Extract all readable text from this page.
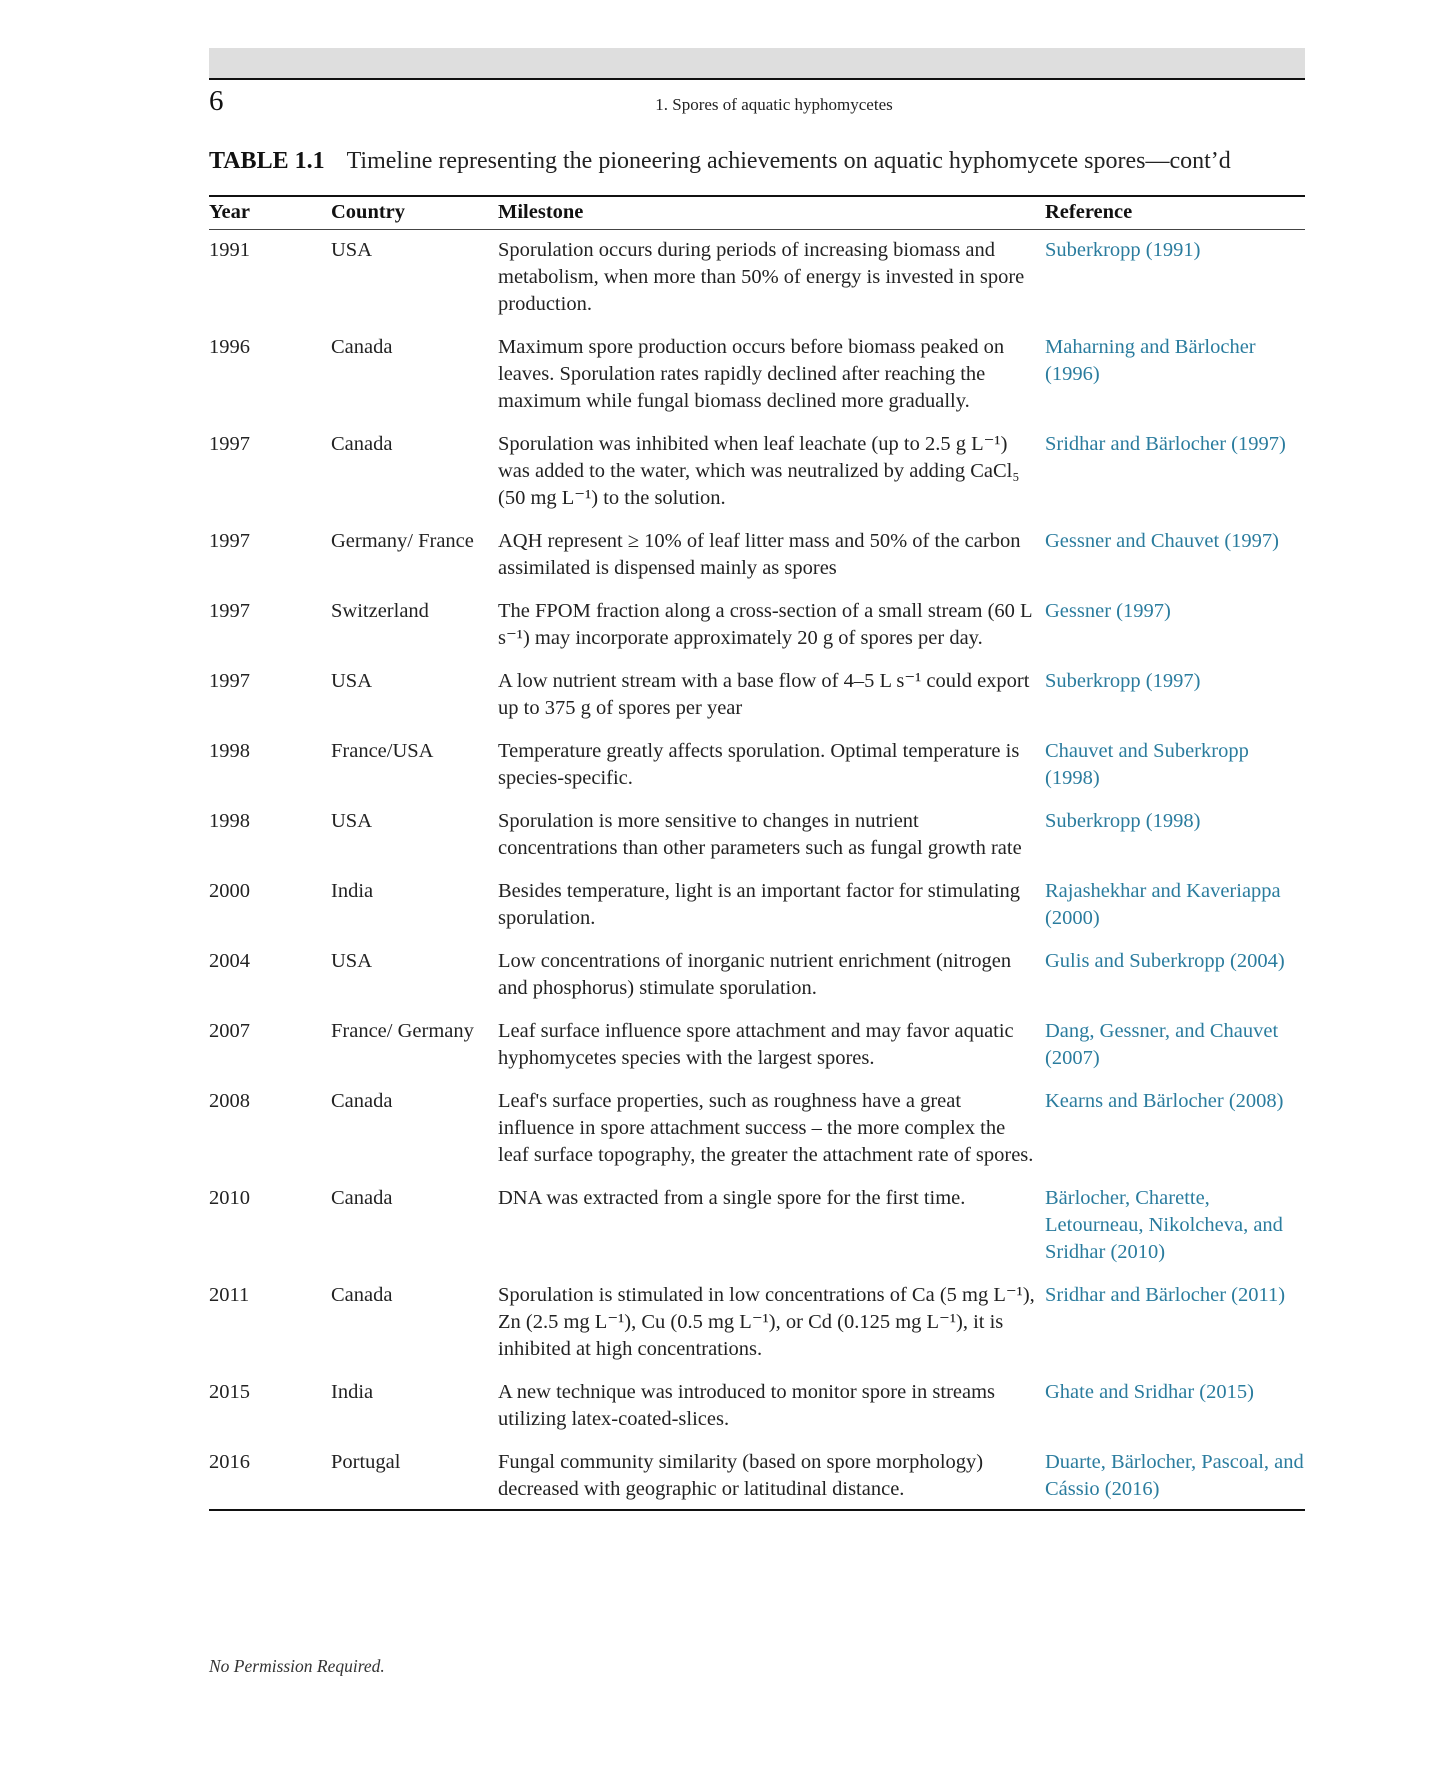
6	1. Spores of aquatic hyphomycetes
TABLE 1.1 Timeline representing the pioneering achievements on aquatic hyphomycete spores—cont’d
Year	Country	Milestone	Reference
1991	USA	Sporulation occurs during periods of increasing biomass and metabolism, when more than 50% of energy is invested in spore production.	Suberkropp (1991)
1996	Canada	Maximum spore production occurs before biomass peaked on leaves. Sporulation rates rapidly declined after reaching the maximum while fungal biomass declined more gradually.	Maharning and Bärlocher (1996)
1997	Canada	Sporulation was inhibited when leaf leachate (up to 2.5 g L⁻¹) was added to the water, which was neutralized by adding CaCl₅ (50 mg L⁻¹) to the solution.	Sridhar and Bärlocher (1997)
1997	Germany/ France	AQH represent ≥ 10% of leaf litter mass and 50% of the carbon assimilated is dispensed mainly as spores	Gessner and Chauvet (1997)
1997	Switzerland	The FPOM fraction along a cross-section of a small stream (60 L s⁻¹) may incorporate approximately 20 g of spores per day.	Gessner (1997)
1997	USA	A low nutrient stream with a base flow of 4–5 L s⁻¹ could export up to 375 g of spores per year	Suberkropp (1997)
1998	France/USA	Temperature greatly affects sporulation. Optimal temperature is species-specific.	Chauvet and Suberkropp (1998)
1998	USA	Sporulation is more sensitive to changes in nutrient concentrations than other parameters such as fungal growth rate	Suberkropp (1998)
2000	India	Besides temperature, light is an important factor for stimulating sporulation.	Rajashekhar and Kaveriappa (2000)
2004	USA	Low concentrations of inorganic nutrient enrichment (nitrogen and phosphorus) stimulate sporulation.	Gulis and Suberkropp (2004)
2007	France/ Germany	Leaf surface influence spore attachment and may favor aquatic hyphomycetes species with the largest spores.	Dang, Gessner, and Chauvet (2007)
2008	Canada	Leaf's surface properties, such as roughness have a great influence in spore attachment success – the more complex the leaf surface topography, the greater the attachment rate of spores.	Kearns and Bärlocher (2008)
2010	Canada	DNA was extracted from a single spore for the first time.	Bärlocher, Charette, Letourneau, Nikolcheva, and Sridhar (2010)
2011	Canada	Sporulation is stimulated in low concentrations of Ca (5 mg L⁻¹), Zn (2.5 mg L⁻¹), Cu (0.5 mg L⁻¹), or Cd (0.125 mg L⁻¹), it is inhibited at high concentrations.	Sridhar and Bärlocher (2011)
2015	India	A new technique was introduced to monitor spore in streams utilizing latex-coated-slices.	Ghate and Sridhar (2015)
2016	Portugal	Fungal community similarity (based on spore morphology) decreased with geographic or latitudinal distance.	Duarte, Bärlocher, Pascoal, and Cássio (2016)
No Permission Required.
